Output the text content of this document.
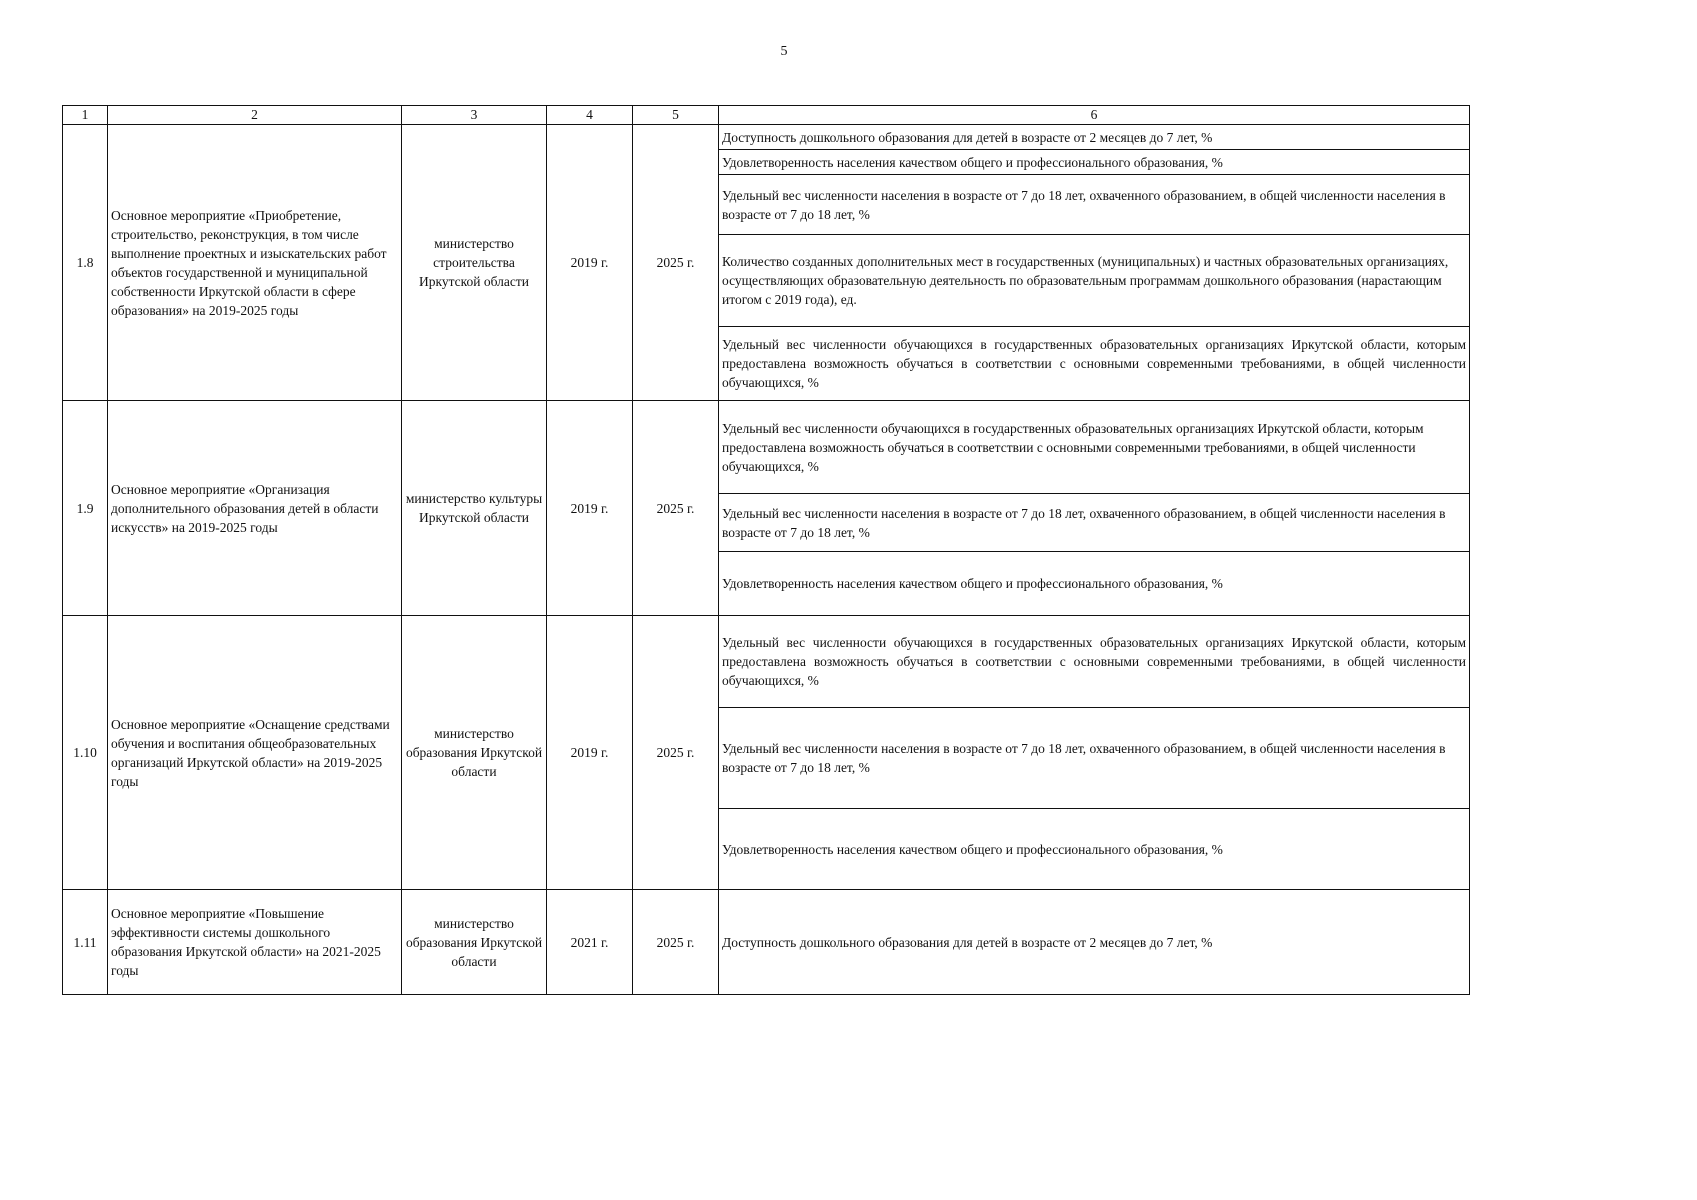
5
1	2	3	4	5	6
1.8	Основное мероприятие «Приобретение, строительство, реконструкция, в том числе выполнение проектных и изыскательских работ объектов государственной и муниципальной собственности Иркутской области в сфере образования» на 2019-2025 годы	министерство строительства Иркутской области	2019 г.	2025 г.	Доступность дошкольного образования для детей в возрасте от 2 месяцев до 7 лет, %
					Удовлетворенность населения качеством общего и профессионального образования, %
					Удельный вес численности населения в возрасте от 7 до 18 лет, охваченного образованием, в общей численности населения в возрасте от 7 до 18 лет, %
					Количество созданных дополнительных мест в государственных (муниципальных) и частных образовательных организациях, осуществляющих образовательную деятельность по образовательным программам дошкольного образования (нарастающим итогом с 2019 года), ед.
					Удельный вес численности обучающихся в государственных образовательных организациях Иркутской области, которым предоставлена возможность обучаться в соответствии с основными современными требованиями, в общей численности обучающихся, %
1.9	Основное мероприятие «Организация дополнительного образования детей в области искусств» на 2019-2025 годы	министерство культуры Иркутской области	2019 г.	2025 г.	Удельный вес численности обучающихся в государственных образовательных организациях Иркутской области, которым предоставлена возможность обучаться в соответствии с основными современными требованиями, в общей численности обучающихся, %
					Удельный вес численности населения в возрасте от 7 до 18 лет, охваченного образованием, в общей численности населения в возрасте от 7 до 18 лет, %
					Удовлетворенность населения качеством общего и профессионального образования, %
1.10	Основное мероприятие «Оснащение средствами обучения и воспитания общеобразовательных организаций Иркутской области» на 2019-2025 годы	министерство образования Иркутской области	2019 г.	2025 г.	Удельный вес численности обучающихся в государственных образовательных организациях Иркутской области, которым предоставлена возможность обучаться в соответствии с основными современными требованиями, в общей численности обучающихся, %
					Удельный вес численности населения в возрасте от 7 до 18 лет, охваченного образованием, в общей численности населения в возрасте от 7 до 18 лет, %
					Удовлетворенность населения качеством общего и профессионального образования, %
1.11	Основное мероприятие «Повышение эффективности системы дошкольного образования Иркутской области» на 2021-2025 годы	министерство образования Иркутской области	2021 г.	2025 г.	Доступность дошкольного образования для детей в возрасте от 2 месяцев до 7 лет, %
